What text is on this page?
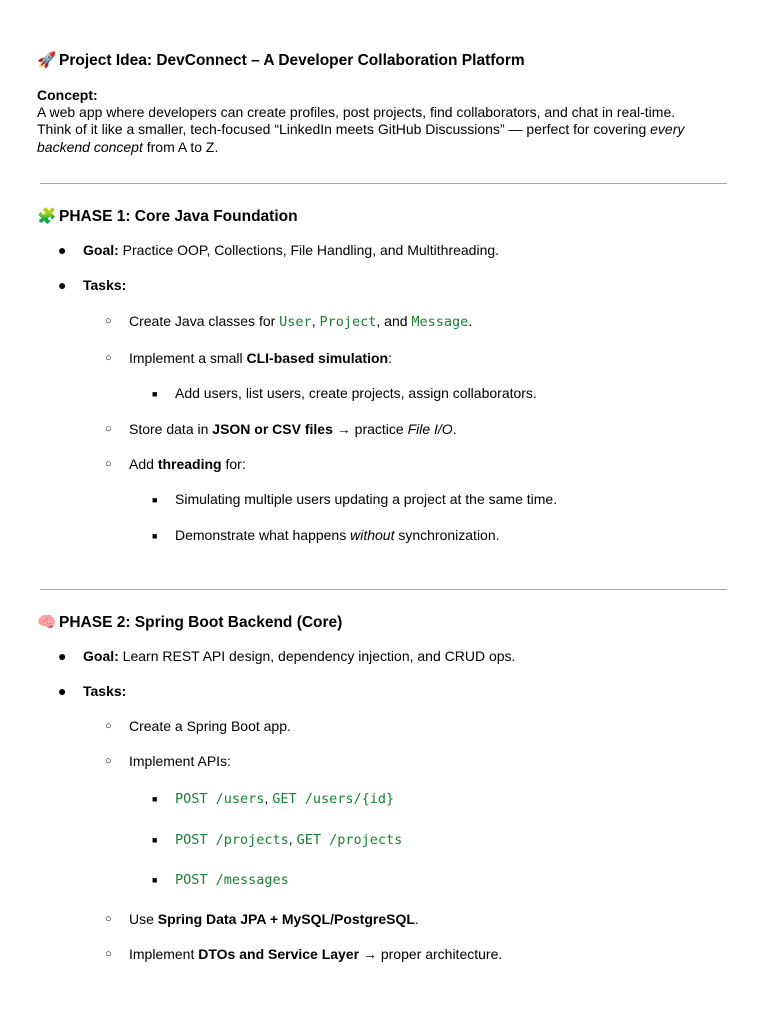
🚀 Project Idea: DevConnect – A Developer Collaboration Platform
Concept:
A web app where developers can create profiles, post projects, find collaborators, and chat in real-time.
Think of it like a smaller, tech-focused “LinkedIn meets GitHub Discussions” — perfect for covering every
backend concept from A to Z.
🧩 PHASE 1: Core Java Foundation
● Goal: Practice OOP, Collections, File Handling, and Multithreading.
● Tasks:
○ Create Java classes for User, Project, and Message.
○ Implement a small CLI-based simulation:
■ Add users, list users, create projects, assign collaborators.
○ Store data in JSON or CSV files → practice File I/O.
○ Add threading for:
■ Simulating multiple users updating a project at the same time.
■ Demonstrate what happens without synchronization.
🧠 PHASE 2: Spring Boot Backend (Core)
● Goal: Learn REST API design, dependency injection, and CRUD ops.
● Tasks:
○ Create a Spring Boot app.
○ Implement APIs:
■ POST /users, GET /users/{id}
■ POST /projects, GET /projects
■ POST /messages
○ Use Spring Data JPA + MySQL/PostgreSQL.
○ Implement DTOs and Service Layer → proper architecture.
